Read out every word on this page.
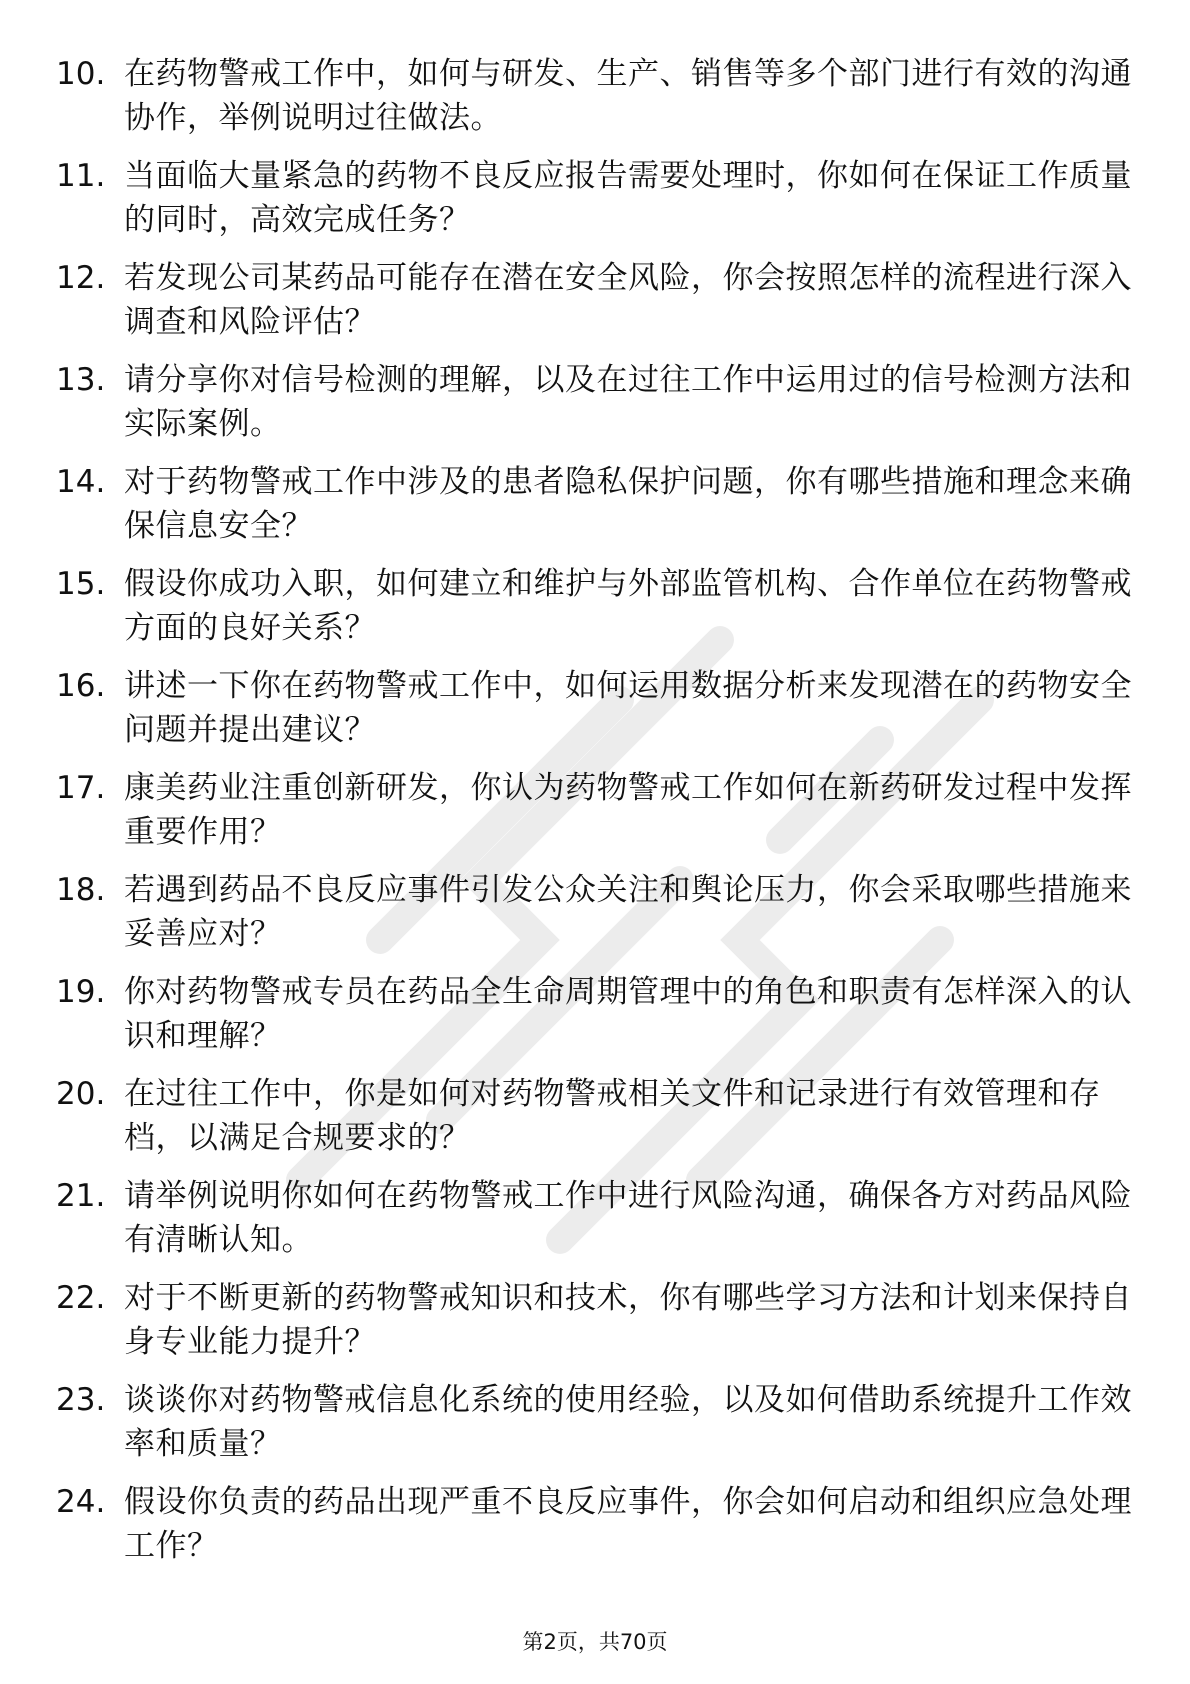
10. 在药物警戒工作中，如何与研发、生产、销售等多个部门进行有效的沟通协作，举例说明过往做法。
11. 当面临大量紧急的药物不良反应报告需要处理时，你如何在保证工作质量的同时，高效完成任务？
12. 若发现公司某药品可能存在潜在安全风险，你会按照怎样的流程进行深入调查和风险评估？
13. 请分享你对信号检测的理解，以及在过往工作中运用过的信号检测方法和实际案例。
14. 对于药物警戒工作中涉及的患者隐私保护问题，你有哪些措施和理念来确保信息安全？
15. 假设你成功入职，如何建立和维护与外部监管机构、合作单位在药物警戒方面的良好关系？
16. 讲述一下你在药物警戒工作中，如何运用数据分析来发现潜在的药物安全问题并提出建议？
17. 康美药业注重创新研发，你认为药物警戒工作如何在新药研发过程中发挥重要作用？
18. 若遇到药品不良反应事件引发公众关注和舆论压力，你会采取哪些措施来妥善应对？
19. 你对药物警戒专员在药品全生命周期管理中的角色和职责有怎样深入的认识和理解？
20. 在过往工作中，你是如何对药物警戒相关文件和记录进行有效管理和存档，以满足合规要求的？
21. 请举例说明你如何在药物警戒工作中进行风险沟通，确保各方对药品风险有清晰认知。
22. 对于不断更新的药物警戒知识和技术，你有哪些学习方法和计划来保持自身专业能力提升？
23. 谈谈你对药物警戒信息化系统的使用经验，以及如何借助系统提升工作效率和质量？
24. 假设你负责的药品出现严重不良反应事件，你会如何启动和组织应急处理工作？
第2页，共70页
